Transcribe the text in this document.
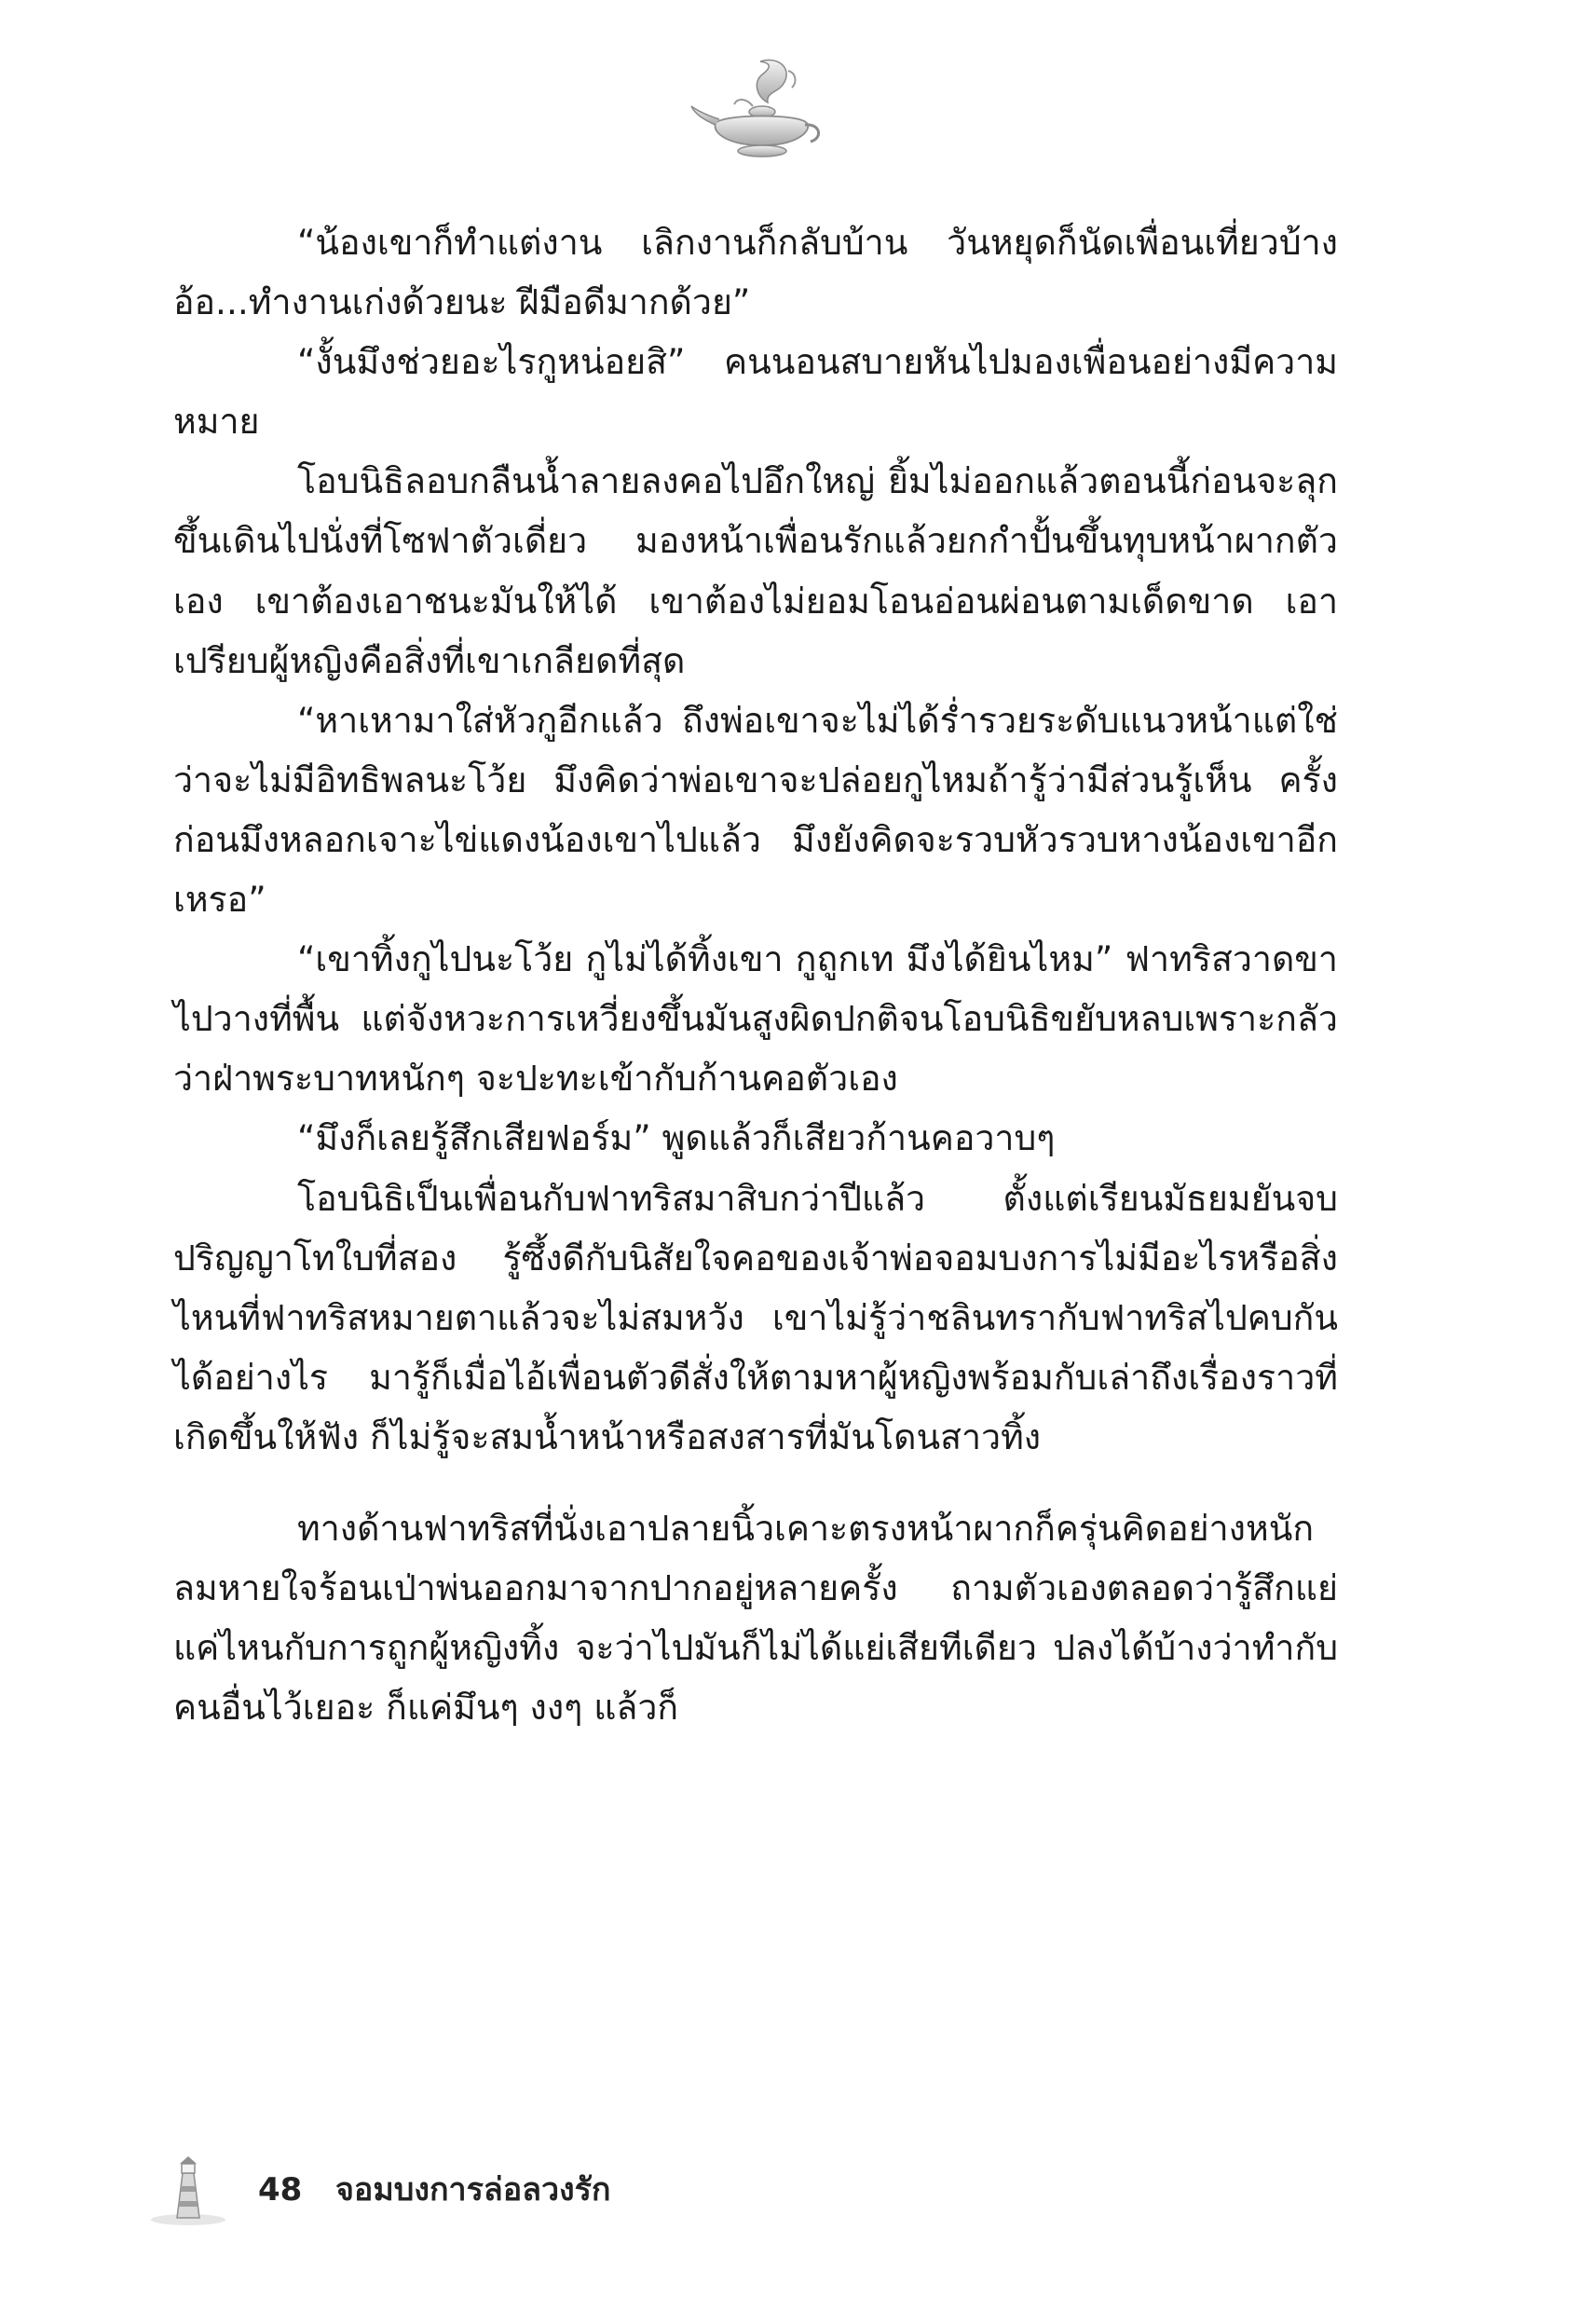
“น้องเขาก็ทำแต่งาน เลิกงานก็กลับบ้าน วันหยุดก็นัดเพื่อนเที่ยวบ้าง อ้อ...ทำงานเก่งด้วยนะ ฝีมือดีมากด้วย”

“งั้นมึงช่วยอะไรกูหน่อยสิ” คนนอนสบายหันไปมองเพื่อนอย่างมีความหมาย

โอบนิธิลอบกลืนน้ำลายลงคอไปอึกใหญ่ ยิ้มไม่ออกแล้วตอนนี้ก่อนจะลุกขึ้นเดินไปนั่งที่โซฟาตัวเดี่ยว มองหน้าเพื่อนรักแล้วยกกำปั้นขึ้นทุบหน้าผากตัวเอง เขาต้องเอาชนะมันให้ได้ เขาต้องไม่ยอมโอนอ่อนผ่อนตามเด็ดขาด เอาเปรียบผู้หญิงคือสิ่งที่เขาเกลียดที่สุด

“หาเหามาใส่หัวกูอีกแล้ว ถึงพ่อเขาจะไม่ได้ร่ำรวยระดับแนวหน้าแต่ใช่ว่าจะไม่มีอิทธิพลนะโว้ย มึงคิดว่าพ่อเขาจะปล่อยกูไหมถ้ารู้ว่ามีส่วนรู้เห็น ครั้งก่อนมึงหลอกเจาะไข่แดงน้องเขาไปแล้ว มึงยังคิดจะรวบหัวรวบหางน้องเขาอีกเหรอ”

“เขาทิ้งกูไปนะโว้ย กูไม่ได้ทิ้งเขา กูถูกเท มึงได้ยินไหม” ฟาทริสวาดขาไปวางที่พื้น แต่จังหวะการเหวี่ยงขึ้นมันสูงผิดปกติจนโอบนิธิขยับหลบเพราะกลัวว่าฝ่าพระบาทหนักๆ จะปะทะเข้ากับก้านคอตัวเอง

“มึงก็เลยรู้สึกเสียฟอร์ม” พูดแล้วก็เสียวก้านคอวาบๆ

โอบนิธิเป็นเพื่อนกับฟาทริสมาสิบกว่าปีแล้ว ตั้งแต่เรียนมัธยมยันจบปริญญาโทใบที่สอง รู้ซึ้งดีกับนิสัยใจคอของเจ้าพ่อจอมบงการไม่มีอะไรหรือสิ่งไหนที่ฟาทริสหมายตาแล้วจะไม่สมหวัง เขาไม่รู้ว่าชลินทรากับฟาทริสไปคบกันได้อย่างไร มารู้ก็เมื่อไอ้เพื่อนตัวดีสั่งให้ตามหาผู้หญิงพร้อมกับเล่าถึงเรื่องราวที่เกิดขึ้นให้ฟัง ก็ไม่รู้จะสมน้ำหน้าหรือสงสารที่มันโดนสาวทิ้ง

ทางด้านฟาทริสที่นั่งเอาปลายนิ้วเคาะตรงหน้าผากก็ครุ่นคิดอย่างหนัก ลมหายใจร้อนเป่าพ่นออกมาจากปากอยู่หลายครั้ง ถามตัวเองตลอดว่ารู้สึกแย่แค่ไหนกับการถูกผู้หญิงทิ้ง จะว่าไปมันก็ไม่ได้แย่เสียทีเดียว ปลงได้บ้างว่าทำกับคนอื่นไว้เยอะ ก็แค่มึนๆ งงๆ แล้วก็

48 จอมบงการล่อลวงรัก
